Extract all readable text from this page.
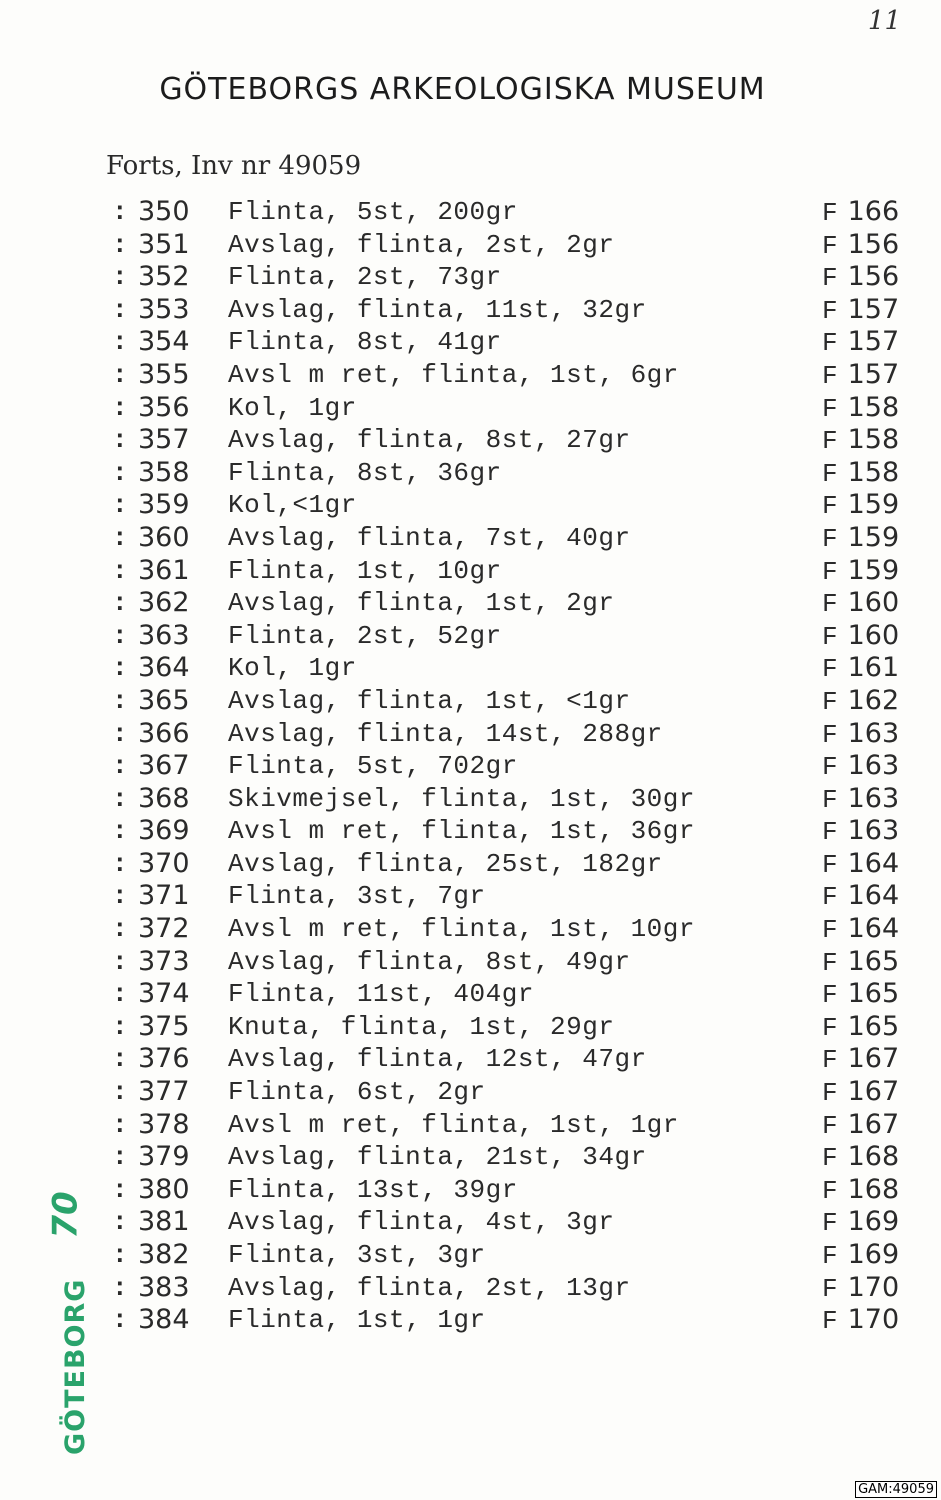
11
GÖTEBORGS ARKEOLOGISKA MUSEUM
Forts, Inv nr 49059
: 350 Flinta, 5st, 200gr	F 166
: 351 Avslag, flinta, 2st, 2gr	F 156
: 352 Flinta, 2st, 73gr	F 156
: 353 Avslag, flinta, 11st, 32gr	F 157
: 354 Flinta, 8st, 41gr	F 157
: 355 Avsl m ret, flinta, 1st, 6gr	F 157
: 356 Kol, 1gr	F 158
: 357 Avslag, flinta, 8st, 27gr	F 158
: 358 Flinta, 8st, 36gr	F 158
: 359 Kol,<1gr	F 159
: 360 Avslag, flinta, 7st, 40gr	F 159
: 361 Flinta, 1st, 10gr	F 159
: 362 Avslag, flinta, 1st, 2gr	F 160
: 363 Flinta, 2st, 52gr	F 160
: 364 Kol, 1gr	F 161
: 365 Avslag, flinta, 1st, <1gr	F 162
: 366 Avslag, flinta, 14st, 288gr	F 163
: 367 Flinta, 5st, 702gr	F 163
: 368 Skivmejsel, flinta, 1st, 30gr	F 163
: 369 Avsl m ret, flinta, 1st, 36gr	F 163
: 370 Avslag, flinta, 25st, 182gr	F 164
: 371 Flinta, 3st, 7gr	F 164
: 372 Avsl m ret, flinta, 1st, 10gr	F 164
: 373 Avslag, flinta, 8st, 49gr	F 165
: 374 Flinta, 11st, 404gr	F 165
: 375 Knuta, flinta, 1st, 29gr	F 165
: 376 Avslag, flinta, 12st, 47gr	F 167
: 377 Flinta, 6st, 2gr	F 167
: 378 Avsl m ret, flinta, 1st, 1gr	F 167
: 379 Avslag, flinta, 21st, 34gr	F 168
: 380 Flinta, 13st, 39gr	F 168
: 381 Avslag, flinta, 4st, 3gr	F 169
: 382 Flinta, 3st, 3gr	F 169
: 383 Avslag, flinta, 2st, 13gr	F 170
: 384 Flinta, 1st, 1gr	F 170
70
GÖTEBORG
GAM:49059
